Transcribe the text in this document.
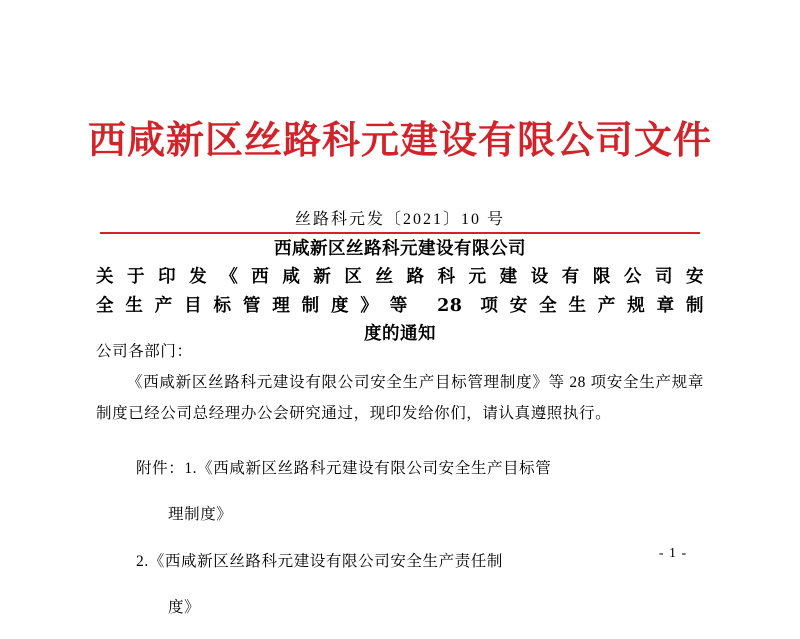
西咸新区丝路科元建设有限公司文件
丝路科元发〔2021〕10 号
西咸新区丝路科元建设有限公司
关于印发《西咸新区丝路科元建设有限公司安
全生产目标管理制度》等 28 项安全生产规章制
度的通知

公司各部门：

《西咸新区丝路科元建设有限公司安全生产目标管理制度》等 28 项安全生产规章制度已经公司总经理办公会研究通过，现印发给你们，请认真遵照执行。

附件：1.《西咸新区丝路科元建设有限公司安全生产目标管

理制度》

2.《西咸新区丝路科元建设有限公司安全生产责任制

度》

- 1 -
